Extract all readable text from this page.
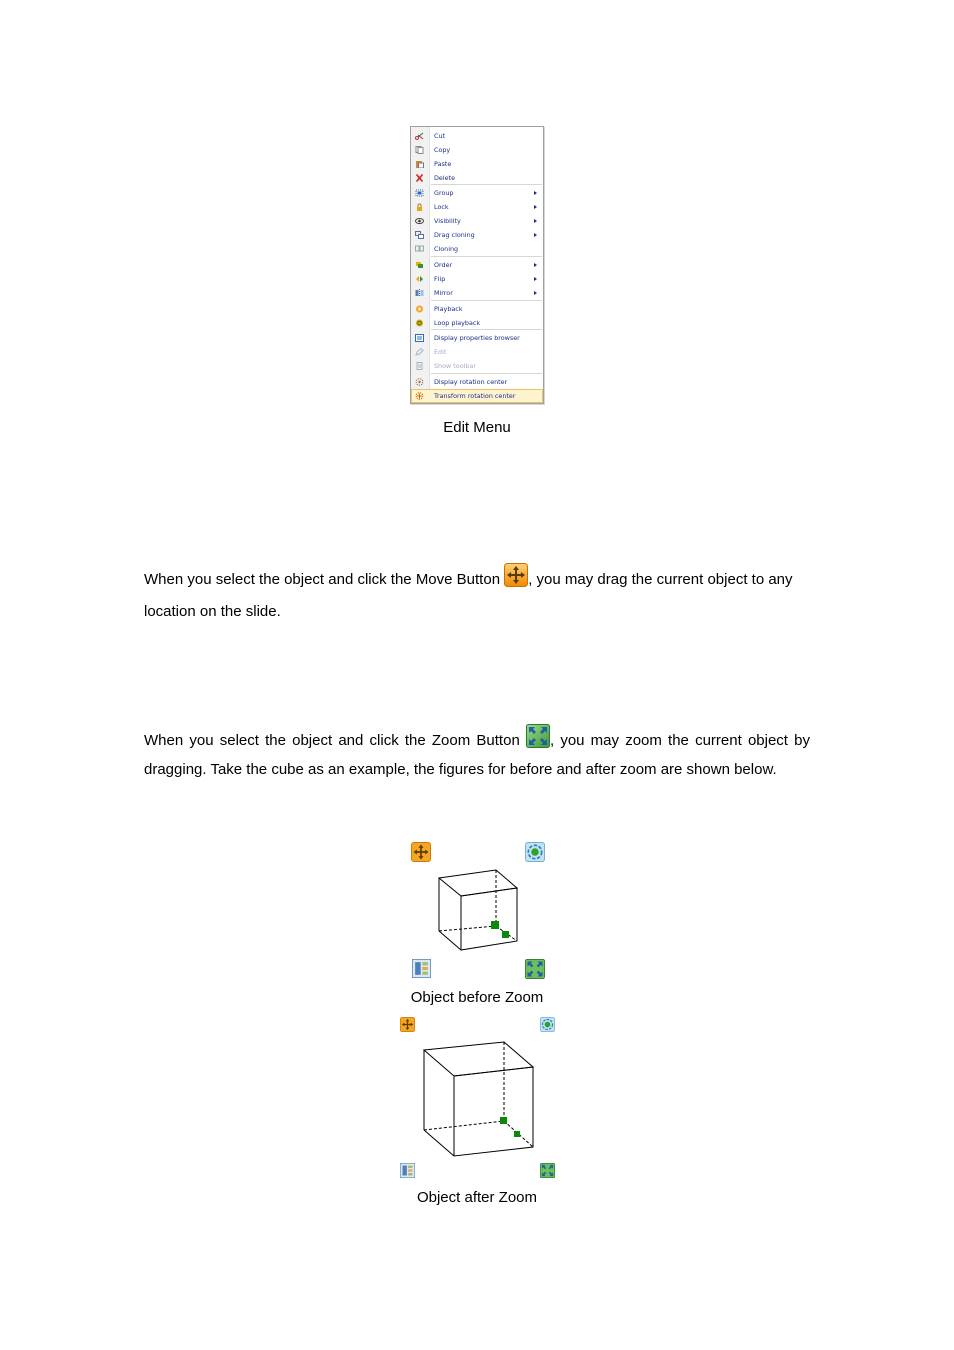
Cut
Copy
Paste
Delete
Group
Lock
Visibility
Drag cloning
Cloning
Order
Flip
Mirror
Playback
Loop playback
Display properties browser
Edit
Show toolbar
Display rotation center
Transform rotation center
Edit Menu
When you select the object and click the Move Button , you may drag the current object to any location on the slide.
When you select the object and click the Zoom Button , you may zoom the current object by dragging. Take the cube as an example, the figures for before and after zoom are shown below.
Object before Zoom
Object after Zoom
